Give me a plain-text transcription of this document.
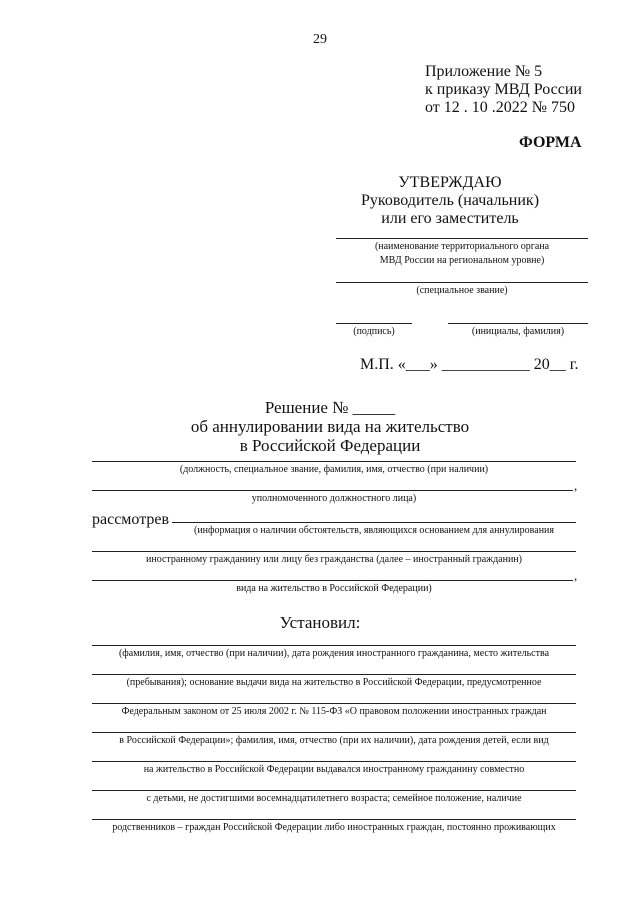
29
Приложение № 5
к приказу МВД России
от 12 . 10 .2022 № 750
ФОРМА
УТВЕРЖДАЮ
Руководитель (начальник)
или его заместитель
(наименование территориального органа
МВД России на региональном уровне)
(специальное звание)
(подпись)	(инициалы, фамилия)
М.П. «___» ___________ 20__ г.
Решение № _____
об аннулировании вида на жительство
в Российской Федерации
(должность, специальное звание, фамилия, имя, отчество (при наличии)
,
уполномоченного должностного лица)
рассмотрев
(информация о наличии обстоятельств, являющихся основанием для аннулирования
иностранному гражданину или лицу без гражданства (далее – иностранный гражданин)
,
вида на жительство в Российской Федерации)
Установил:
(фамилия, имя, отчество (при наличии), дата рождения иностранного гражданина, место жительства
(пребывания); основание выдачи вида на жительство в Российской Федерации, предусмотренное
Федеральным законом от 25 июля 2002 г. № 115-ФЗ «О правовом положении иностранных граждан
в Российской Федерации»; фамилия, имя, отчество (при их наличии), дата рождения детей, если вид
на жительство в Российской Федерации выдавался иностранному гражданину совместно
с детьми, не достигшими восемнадцатилетнего возраста; семейное положение, наличие
родственников – граждан Российской Федерации либо иностранных граждан, постоянно проживающих
